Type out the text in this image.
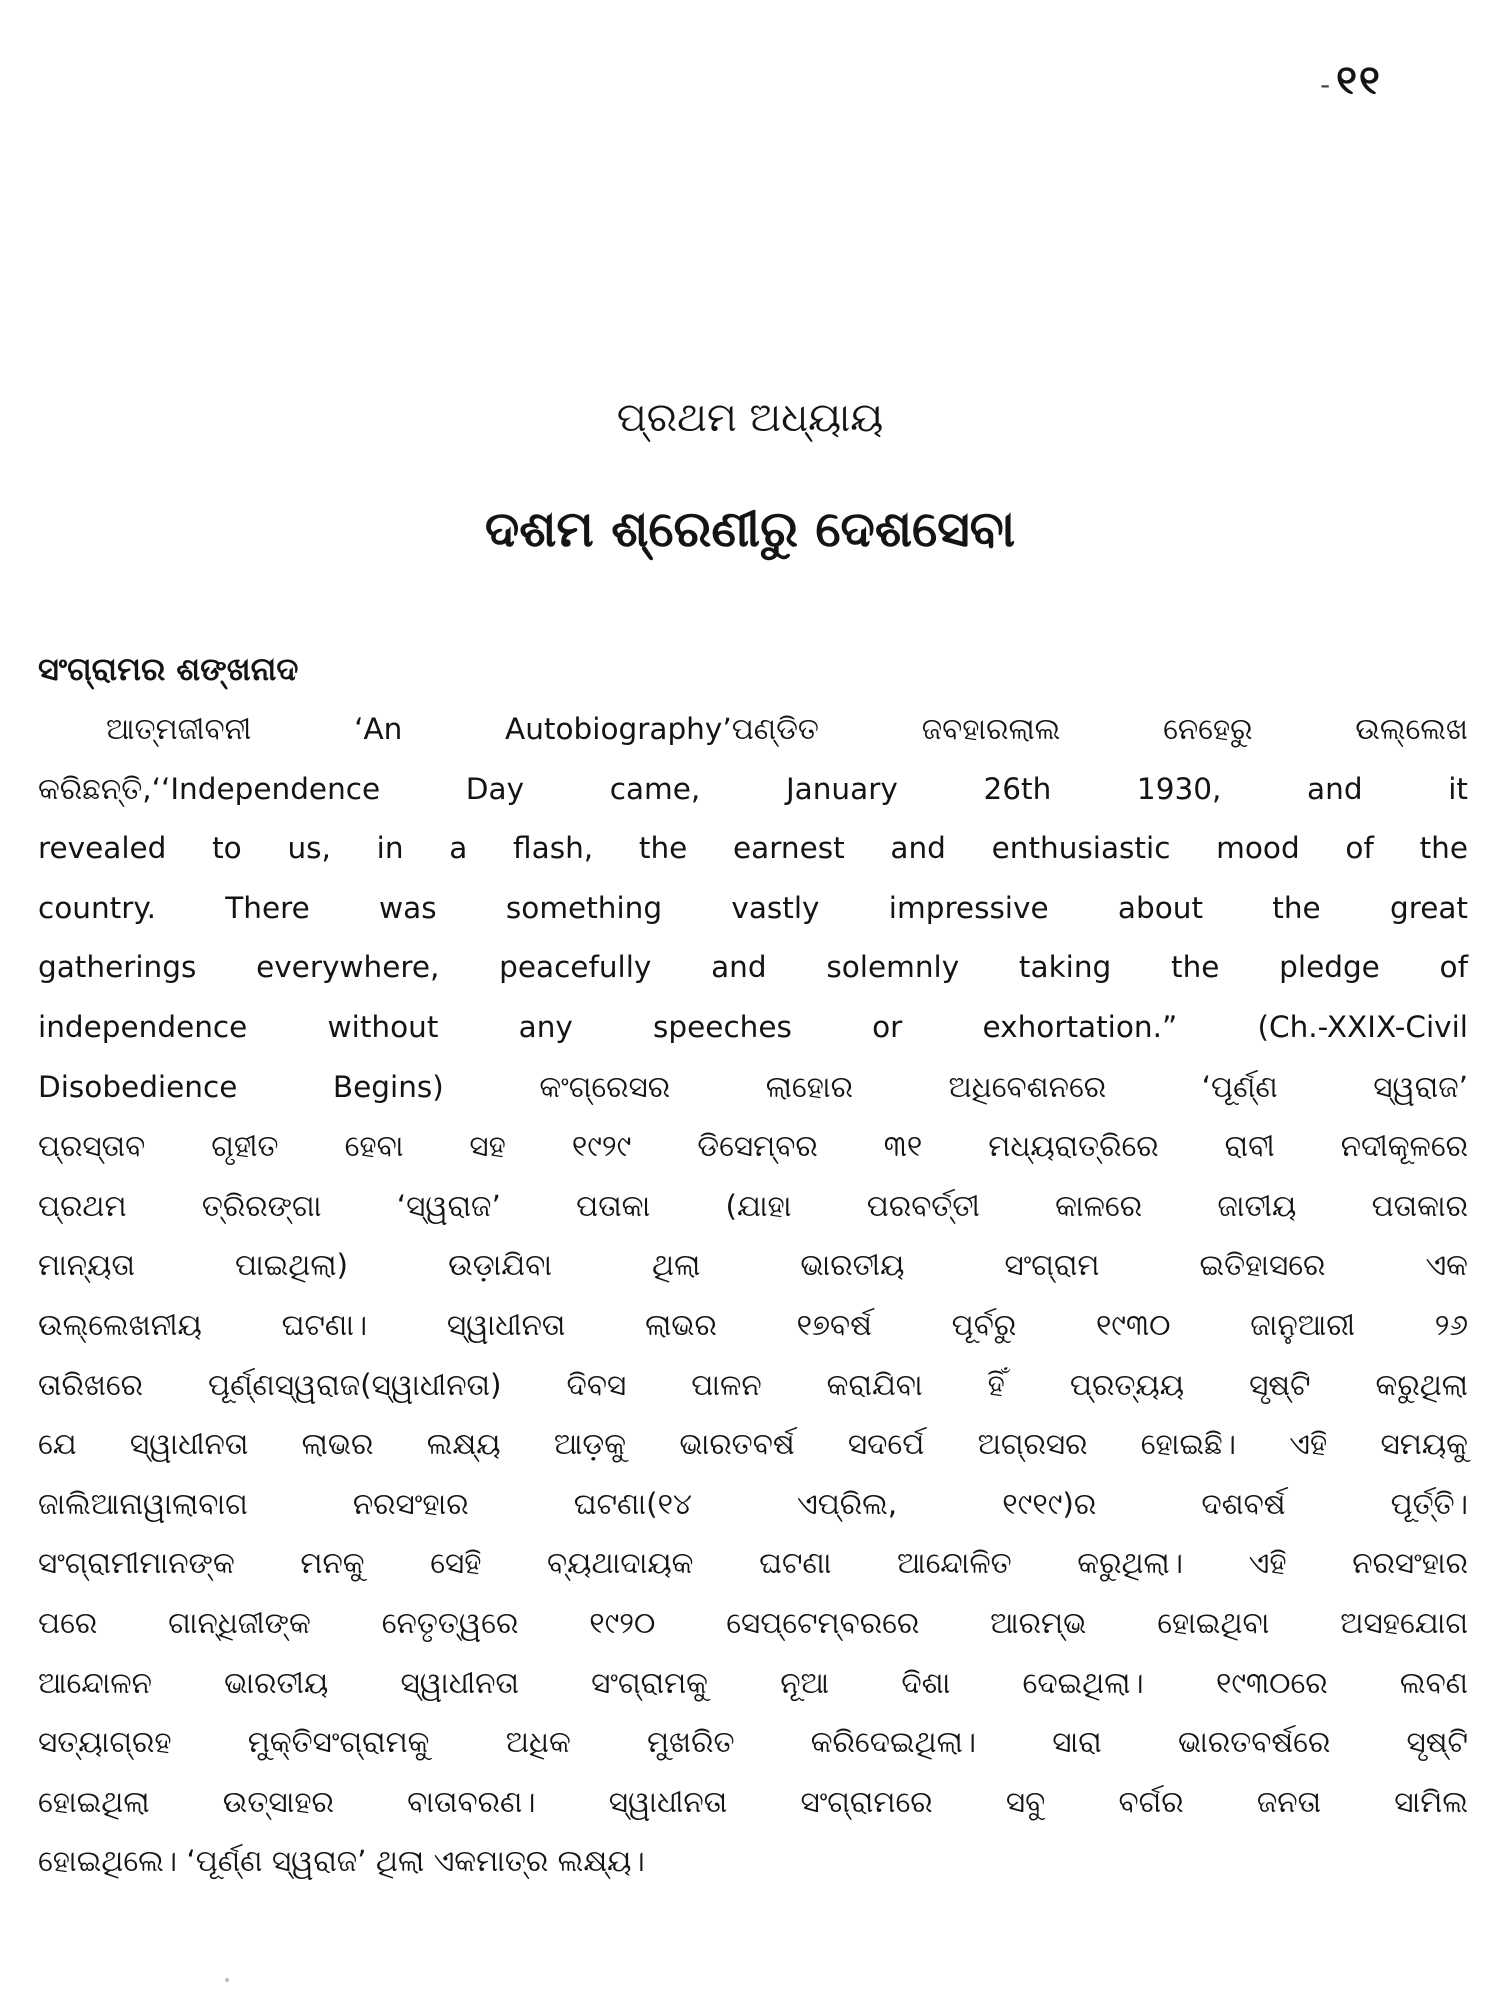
- ୧୧
ପ୍ରଥମ ଅଧ୍ୟାୟ
ଦଶମ ଶ୍ରେଣୀରୁ ଦେଶସେବା
ସଂଗ୍ରାମର ଶଙ୍ଖନାଦ
ଆତ୍ମଜୀବନୀ ‘An Autobiography’ପଣ୍ଡିତ ଜବହାରଲାଲ ନେହେରୁ ଉଲ୍ଲେଖ
କରିଛନ୍ତି,‘‘Independence Day came, January 26th 1930, and it
revealed to us, in a flash, the earnest and enthusiastic mood of the
country. There was something vastly impressive about the great
gatherings everywhere, peacefully and solemnly taking the pledge of
independence without any speeches or exhortation.” (Ch.-XXIX-Civil
Disobedience Begins) କଂଗ୍ରେସର ଲାହୋର ଅଧିବେଶନରେ ‘ପୂର୍ଣ୍ଣ ସ୍ୱରାଜ’
ପ୍ରସ୍ତାବ ଗୃହୀତ ହେବା ସହ ୧୯୨୯ ଡିସେମ୍ବର ୩୧ ମଧ୍ୟରାତ୍ରିରେ ରାବୀ ନଦୀକୂଳରେ
ପ୍ରଥମ ତ୍ରିରଙ୍ଗା ‘ସ୍ୱରାଜ’ ପତାକା (ଯାହା ପରବର୍ତ୍ତୀ କାଳରେ ଜାତୀୟ ପତାକାର
ମାନ୍ୟତା ପାଇଥିଲା) ଉଡ଼ାଯିବା ଥିଲା ଭାରତୀୟ ସଂଗ୍ରାମ ଇତିହାସରେ ଏକ
ଉଲ୍ଲେଖନୀୟ ଘଟଣା। ସ୍ୱାଧୀନତା ଲାଭର ୧୭ବର୍ଷ ପୂର୍ବରୁ ୧୯୩୦ ଜାନୁଆରୀ ୨୬
ତାରିଖରେ ପୂର୍ଣ୍ଣସ୍ୱରାଜ(ସ୍ୱାଧୀନତା) ଦିବସ ପାଳନ କରାଯିବା ହିଁ ପ୍ରତ୍ୟୟ ସୃଷ୍ଟି କରୁଥିଲା
ଯେ ସ୍ୱାଧୀନତା ଲାଭର ଲକ୍ଷ୍ୟ ଆଡ଼କୁ ଭାରତବର୍ଷ ସଦର୍ପେ ଅଗ୍ରସର ହୋଇଛି। ଏହି ସମୟକୁ
ଜାଲିଆନାୱାଲାବାଗ ନରସଂହାର ଘଟଣା(୧୪ ଏପ୍ରିଲ, ୧୯୧୯)ର ଦଶବର୍ଷ ପୂର୍ତ୍ତି।
ସଂଗ୍ରାମୀମାନଙ୍କ ମନକୁ ସେହି ବ୍ୟଥାଦାୟକ ଘଟଣା ଆନ୍ଦୋଳିତ କରୁଥିଲା। ଏହି ନରସଂହାର
ପରେ ଗାନ୍ଧିଜୀଙ୍କ ନେତୃତ୍ୱରେ ୧୯୨୦ ସେପ୍ଟେମ୍ବରରେ ଆରମ୍ଭ ହୋଇଥିବା ଅସହଯୋଗ
ଆନ୍ଦୋଳନ ଭାରତୀୟ ସ୍ୱାଧୀନତା ସଂଗ୍ରାମକୁ ନୂଆ ଦିଶା ଦେଇଥିଲା। ୧୯୩୦ରେ ଲବଣ
ସତ୍ୟାଗ୍ରହ ମୁକ୍ତିସଂଗ୍ରାମକୁ ଅଧିକ ମୁଖରିତ କରିଦେଇଥିଲା। ସାରା ଭାରତବର୍ଷରେ ସୃଷ୍ଟି
ହୋଇଥିଲା ଉତ୍ସାହର ବାତାବରଣ। ସ୍ୱାଧୀନତା ସଂଗ୍ରାମରେ ସବୁ ବର୍ଗର ଜନତା ସାମିଲ
ହୋଇଥିଲେ। ‘ପୂର୍ଣ୍ଣ ସ୍ୱରାଜ’ ଥିଲା ଏକମାତ୍ର ଲକ୍ଷ୍ୟ।
